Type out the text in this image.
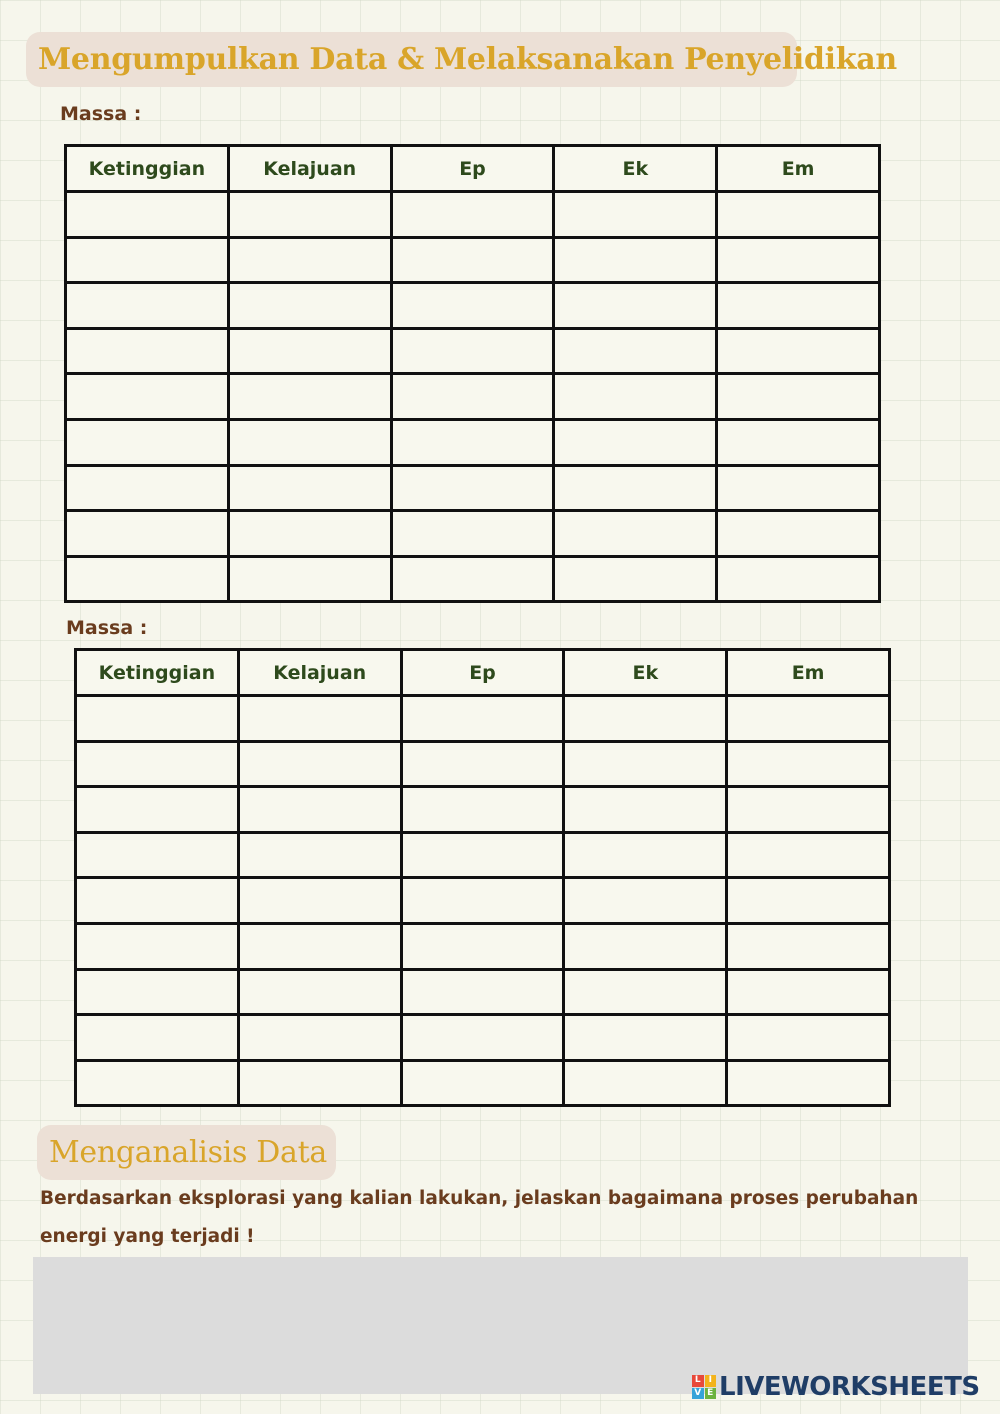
Mengumpulkan Data & Melaksanakan Penyelidikan
Massa :
Ketinggian	Kelajuan	Ep	Ek	Em

Massa :
Ketinggian	Kelajuan	Ep	Ek	Em

Menganalisis Data
Berdasarkan eksplorasi yang kalian lakukan, jelaskan bagaimana proses perubahan energi yang terjadi !
L I
V E LIVEWORKSHEETS
